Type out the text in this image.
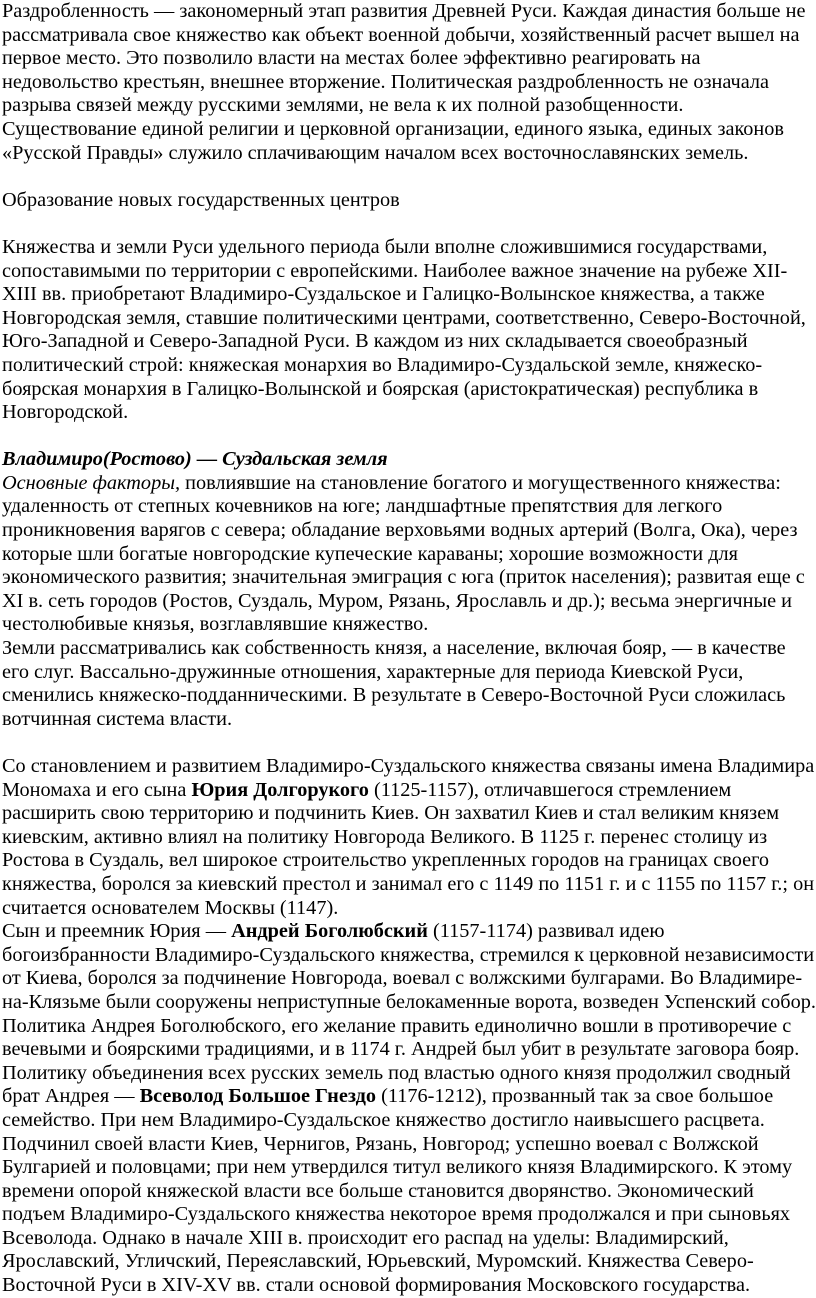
Раздробленность — закономерный этап развития Древней Руси. Каждая династия больше не рассматривала свое княжество как объект военной добычи, хозяйственный расчет вышел на первое место. Это позволило власти на местах более эффективно реагировать на недовольство крестьян, внешнее вторжение. Политическая раздробленность не означала разрыва связей между русскими землями, не вела к их полной разобщенности. Существование единой религии и церковной организации, единого языка, единых законов «Русской Правды» служило сплачивающим началом всех восточнославянских земель.

Образование новых государственных центров

Княжества и земли Руси удельного периода были вполне сложившимися государствами, сопоставимыми по территории с европейскими. Наиболее важное значение на рубеже XII-XIII вв. приобретают Владимиро-Суздальское и Галицко-Волынское княжества, а также Новгородская земля, ставшие политическими центрами, соответственно, Северо-Восточной, Юго-Западной и Северо-Западной Руси. В каждом из них складывается своеобразный политический строй: княжеская монархия во Владимиро-Суздальской земле, княжеско-боярская монархия в Галицко-Волынской и боярская (аристократическая) республика в Новгородской.

Владимиро(Ростово) — Суздальская земля

Основные факторы, повлиявшие на становление богатого и могущественного княжества: удаленность от степных кочевников на юге; ландшафтные препятствия для легкого проникновения варягов с севера; обладание верховьями водных артерий (Волга, Ока), через которые шли богатые новгородские купеческие караваны; хорошие возможности для экономического развития; значительная эмиграция с юга (приток населения); развитая еще с XI в. сеть городов (Ростов, Суздаль, Муром, Рязань, Ярославль и др.); весьма энергичные и честолюбивые князья, возглавлявшие княжество.

Земли рассматривались как собственность князя, а население, включая бояр, — в качестве его слуг. Вассально-дружинные отношения, характерные для периода Киевской Руси, сменились княжеско-подданническими. В результате в Северо-Восточной Руси сложилась вотчинная система власти.

Со становлением и развитием Владимиро-Суздальского княжества связаны имена Владимира Мономаха и его сына Юрия Долгорукого (1125-1157), отличавшегося стремлением расширить свою территорию и подчинить Киев. Он захватил Киев и стал великим князем киевским, активно влиял на политику Новгорода Великого. В 1125 г. перенес столицу из Ростова в Суздаль, вел широкое строительство укрепленных городов на границах своего княжества, боролся за киевский престол и занимал его с 1149 по 1151 г. и с 1155 по 1157 г.; он считается основателем Москвы (1147).

Сын и преемник Юрия — Андрей Боголюбский (1157-1174) развивал идею богоизбранности Владимиро-Суздальского княжества, стремился к церковной независимости от Киева, боролся за подчинение Новгорода, воевал с волжскими булгарами. Во Владимире-на-Клязьме были сооружены неприступные белокаменные ворота, возведен Успенский собор. Политика Андрея Боголюбского, его желание править единолично вошли в противоречие с вечевыми и боярскими традициями, и в 1174 г. Андрей был убит в результате заговора бояр.

Политику объединения всех русских земель под властью одного князя продолжил сводный брат Андрея — Всеволод Большое Гнездо (1176-1212), прозванный так за свое большое семейство. При нем Владимиро-Суздальское княжество достигло наивысшего расцвета. Подчинил своей власти Киев, Чернигов, Рязань, Новгород; успешно воевал с Волжской Булгарией и половцами; при нем утвердился титул великого князя Владимирского. К этому времени опорой княжеской власти все больше становится дворянство. Экономический подъем Владимиро-Суздальского княжества некоторое время продолжался и при сыновьях Всеволода. Однако в начале XIII в. происходит его распад на уделы: Владимирский, Ярославский, Угличский, Переяславский, Юрьевский, Муромский. Княжества Северо-Восточной Руси в XIV-XV вв. стали основой формирования Московского государства.
